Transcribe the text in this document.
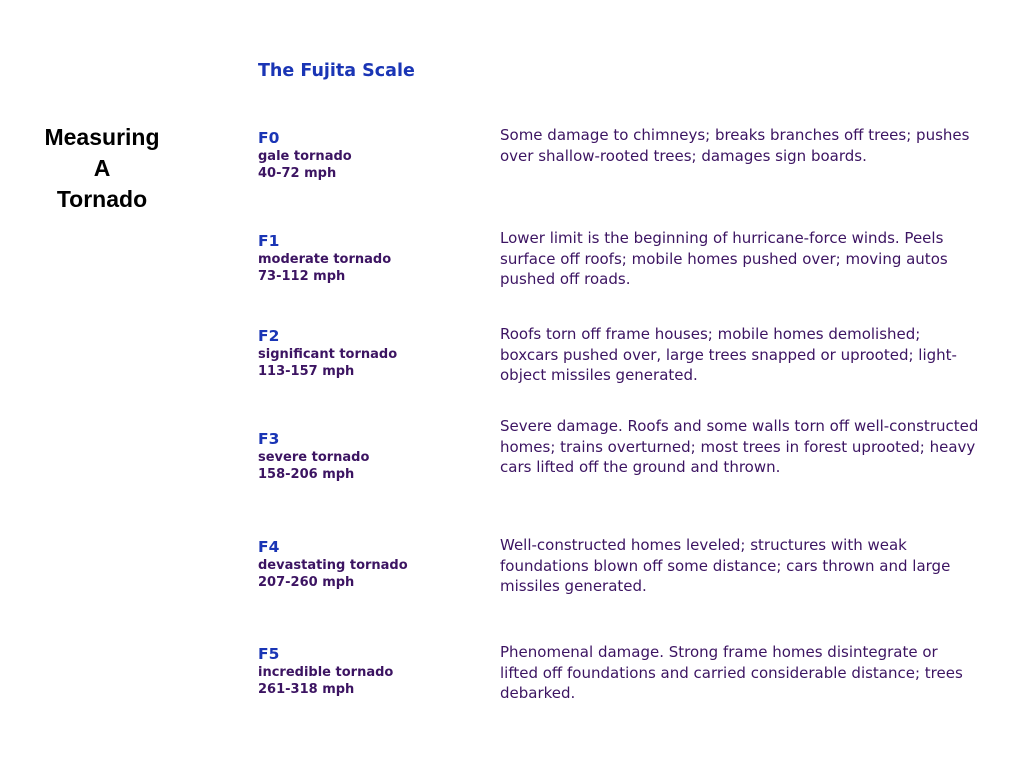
Measuring
A
Tornado
The Fujita Scale
F0
gale tornado
40-72 mph
Some damage to chimneys; breaks branches off trees; pushes over shallow-rooted trees; damages sign boards.
F1
moderate tornado
73-112 mph
Lower limit is the beginning of hurricane-force winds. Peels surface off roofs; mobile homes pushed over; moving autos pushed off roads.
F2
significant tornado
113-157 mph
Roofs torn off frame houses; mobile homes demolished; boxcars pushed over, large trees snapped or uprooted; light-object missiles generated.
F3
severe tornado
158-206 mph
Severe damage. Roofs and some walls torn off well-constructed homes; trains overturned; most trees in forest uprooted; heavy cars lifted off the ground and thrown.
F4
devastating tornado
207-260 mph
Well-constructed homes leveled; structures with weak foundations blown off some distance; cars thrown and large missiles generated.
F5
incredible tornado
261-318 mph
Phenomenal damage. Strong frame homes disintegrate or lifted off foundations and carried considerable distance; trees debarked.
